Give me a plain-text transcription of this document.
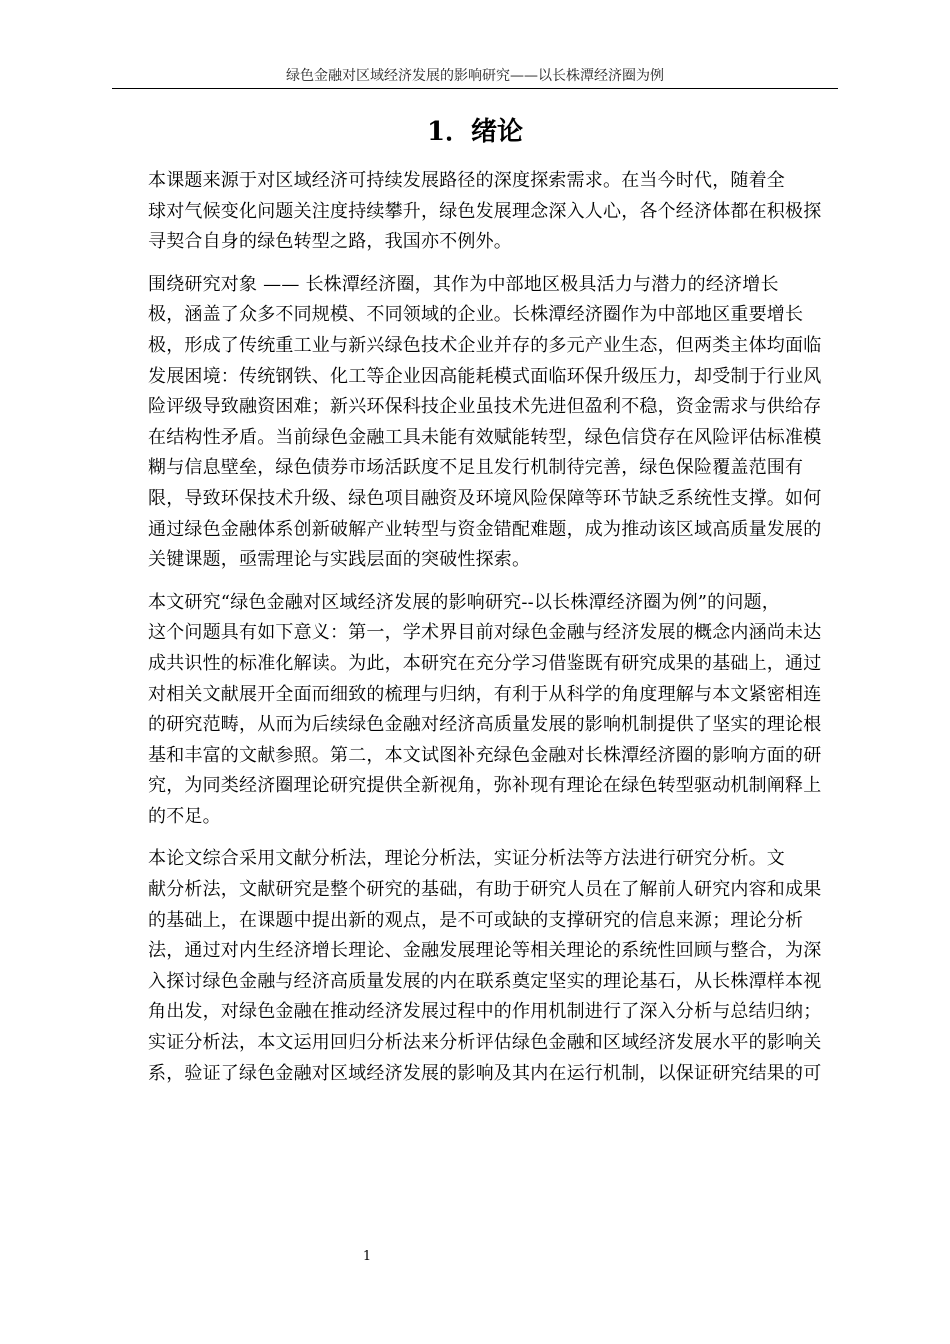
绿色金融对区域经济发展的影响研究——以长株潭经济圈为例
1．绪论

本课题来源于对区域经济可持续发展路径的深度探索需求。在当今时代，随着全
球对气候变化问题关注度持续攀升，绿色发展理念深入人心，各个经济体都在积极探
寻契合自身的绿色转型之路，我国亦不例外。

围绕研究对象 —— 长株潭经济圈，其作为中部地区极具活力与潜力的经济增长
极，涵盖了众多不同规模、不同领域的企业。长株潭经济圈作为中部地区重要增长
极，形成了传统重工业与新兴绿色技术企业并存的多元产业生态，但两类主体均面临
发展困境：传统钢铁、化工等企业因高能耗模式面临环保升级压力，却受制于行业风
险评级导致融资困难；新兴环保科技企业虽技术先进但盈利不稳，资金需求与供给存
在结构性矛盾。当前绿色金融工具未能有效赋能转型，绿色信贷存在风险评估标准模
糊与信息壁垒，绿色债券市场活跃度不足且发行机制待完善，绿色保险覆盖范围有
限，导致环保技术升级、绿色项目融资及环境风险保障等环节缺乏系统性支撑。如何
通过绿色金融体系创新破解产业转型与资金错配难题，成为推动该区域高质量发展的
关键课题，亟需理论与实践层面的突破性探索。

本文研究“绿色金融对区域经济发展的影响研究--以长株潭经济圈为例”的问题，
这个问题具有如下意义：第一，学术界目前对绿色金融与经济发展的概念内涵尚未达
成共识性的标准化解读。为此，本研究在充分学习借鉴既有研究成果的基础上，通过
对相关文献展开全面而细致的梳理与归纳，有利于从科学的角度理解与本文紧密相连
的研究范畴，从而为后续绿色金融对经济高质量发展的影响机制提供了坚实的理论根
基和丰富的文献参照。第二，本文试图补充绿色金融对长株潭经济圈的影响方面的研
究，为同类经济圈理论研究提供全新视角，弥补现有理论在绿色转型驱动机制阐释上
的不足。

本论文综合采用文献分析法，理论分析法，实证分析法等方法进行研究分析。文
献分析法，文献研究是整个研究的基础，有助于研究人员在了解前人研究内容和成果
的基础上，在课题中提出新的观点，是不可或缺的支撑研究的信息来源；理论分析
法，通过对内生经济增长理论、金融发展理论等相关理论的系统性回顾与整合，为深
入探讨绿色金融与经济高质量发展的内在联系奠定坚实的理论基石，从长株潭样本视
角出发，对绿色金融在推动经济发展过程中的作用机制进行了深入分析与总结归纳；
实证分析法，本文运用回归分析法来分析评估绿色金融和区域经济发展水平的影响关
系，验证了绿色金融对区域经济发展的影响及其内在运行机制，以保证研究结果的可

1
